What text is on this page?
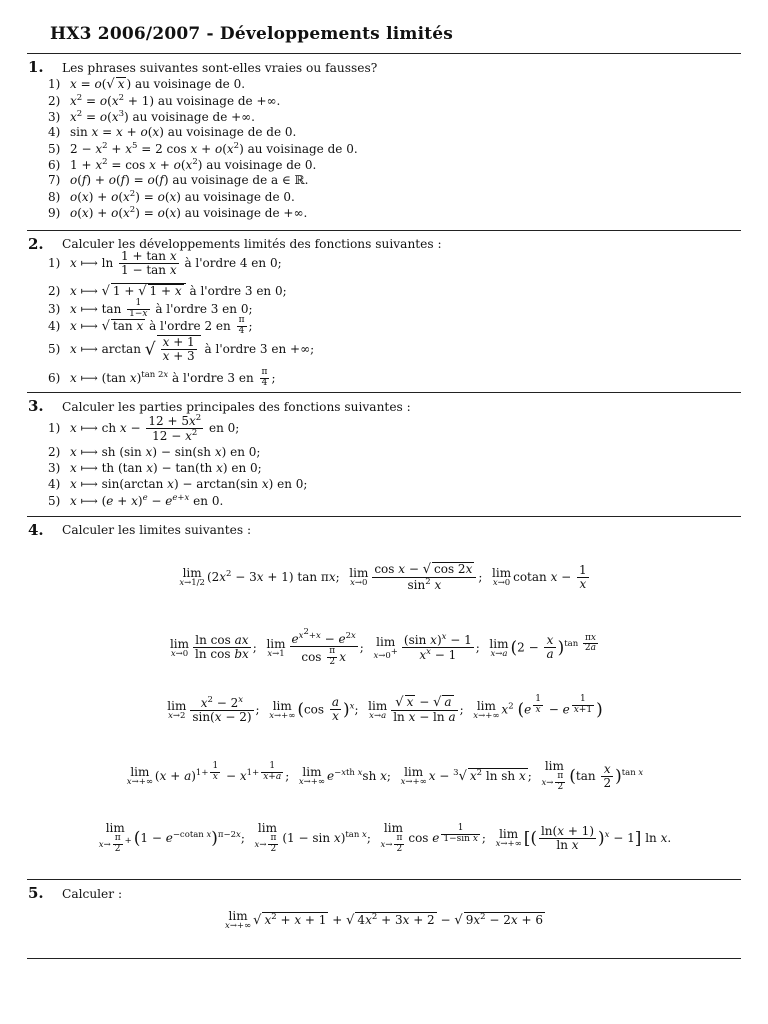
HX3 2006/2007 - Développements limités
1. Les phrases suivantes sont-elles vraies ou fausses?
1) x = o(√ x ) au voisinage de 0.
2) $x^2 = o(x^2 + 1)$ au voisinage de +∞.
3) $x^2 = o(x^3)$ au voisinage de +∞.
4) sin x = x + o(x) au voisinage de de 0.
5) $2 - x^2 + x^5 = 2$ $\cos x + o(x^2)$ au voisinage de 0.
6) $1 + x^2 = \cos x + o(x^2)$ au voisinage de 0.
7) o(f) + o(f) = o(f) au voisinage de a ∈ ℝ.
8) $o(x) + o(x^2) = o(x)$ au voisinage de 0.
9) $o(x) + o(x^2) = o(x)$ au voisinage de +∞.
2. Calculer les développements limités des fonctions suivantes :
1) x ⟼ $\ln \frac{\text{1 + tan x}}{\text{1 − tan x}}$ à l'ordre 4 en 0;
2) x ⟼ √ 1 + √ 1 + x à l'ordre 3 en 0;
3) x ⟼ $\tan \frac{1}{1-x}$ à l'ordre 3 en 0;
4) x ⟼ √ tan x à l'ordre 2 en $\frac{\pi}{4}$ ;
5) x ⟼ arctan √ $\frac{x + 1}{x + 3}$ à l'ordre 3 en +∞;
6) x ⟼ (tan x)$^{tan 2x}$ à l'ordre 3 en $\frac{\pi}{4}$ ;
3. Calculer les parties principales des fonctions suivantes :
1) x ⟼ ch $x - \frac{12 + 5x^2}{12 - x^2}$ en 0;
2) x ⟼ sh (sin x) − sin(sh x) en 0;
3) x ⟼ th (tan x) − tan(th x) en 0;
4) x ⟼ sin(arctan x) − arctan(sin x) en 0;
5) x ⟼ $(e + x)^e - e^{e+x}$ en 0.
4. Calculer les limites suivantes :
lim
x→1/2 $(2x^2 - 3x + 1)$ tan πx; lim
$x\to 0 \frac{\text{cos x − √ cos 2x}}{\sin^2 x}$ ; lim
x→0 cotan $x - \frac{1}{x}$
lim
$x\to 0 \frac{\text{ln cos ax}}{\text{ln cos bx}}$ ; lim
$x\to 1 \frac{e^{x^2+x} - e^{2x}}{\cos \frac{\pi}{2} x}$ ; lim
$x\to 0^+ \frac{(\sin x)^x - 1}{x^x - 1}$ ; lim
x→a $(2 - \frac{x}{a} )^{tan \frac{\pi x}{2a}}$
lim
$x\to 2 \frac{x^2 - 2^x}{\sin(x - 2)}$ ; lim
x→+∞ $(\cos \frac{a}{x} )^x$; lim
$x\to a \frac{√ x - √ a}{\text{ln x − ln a}}$ ; lim
x→+∞ $x^2$ (e $^{\frac{1}{x}}$ − e $^{\frac{1}{x+1}}$ )
lim
x→+∞ $(x + a)^{1+ \frac{1}{x}} - x^{1+ \frac{1}{x+a}}$ ; lim
x→+∞ $e^{-xth x}sh$ x; lim
x→+∞ x − $^3$√ $x^2$ ln sh x ;
lim
$x\to \frac{\pi}{2} (\tan \frac{x}{2} )^{tan x}$
lim
$x\to \frac{\pi}{2} ^+$ $(1 - e^{-cotan x})^{\pi-2x}$;
lim
$x\to \frac{\pi}{2} (1 - \sin x)^{tan x}$;
lim
$x\to \frac{\pi}{2}$ cos e $^{\frac{1}{\text{1−sin x}}}$ ; lim
x→+∞ [( $\frac{\ln(x + 1)}{\text{ln x}} )^x - 1$] ln x.
5. Calculer :
lim
x→+∞ √ $x^2 + x + 1$ + √ $4x^2 + 3x + 2$ − √ $9x^2 - 2x + 6$
